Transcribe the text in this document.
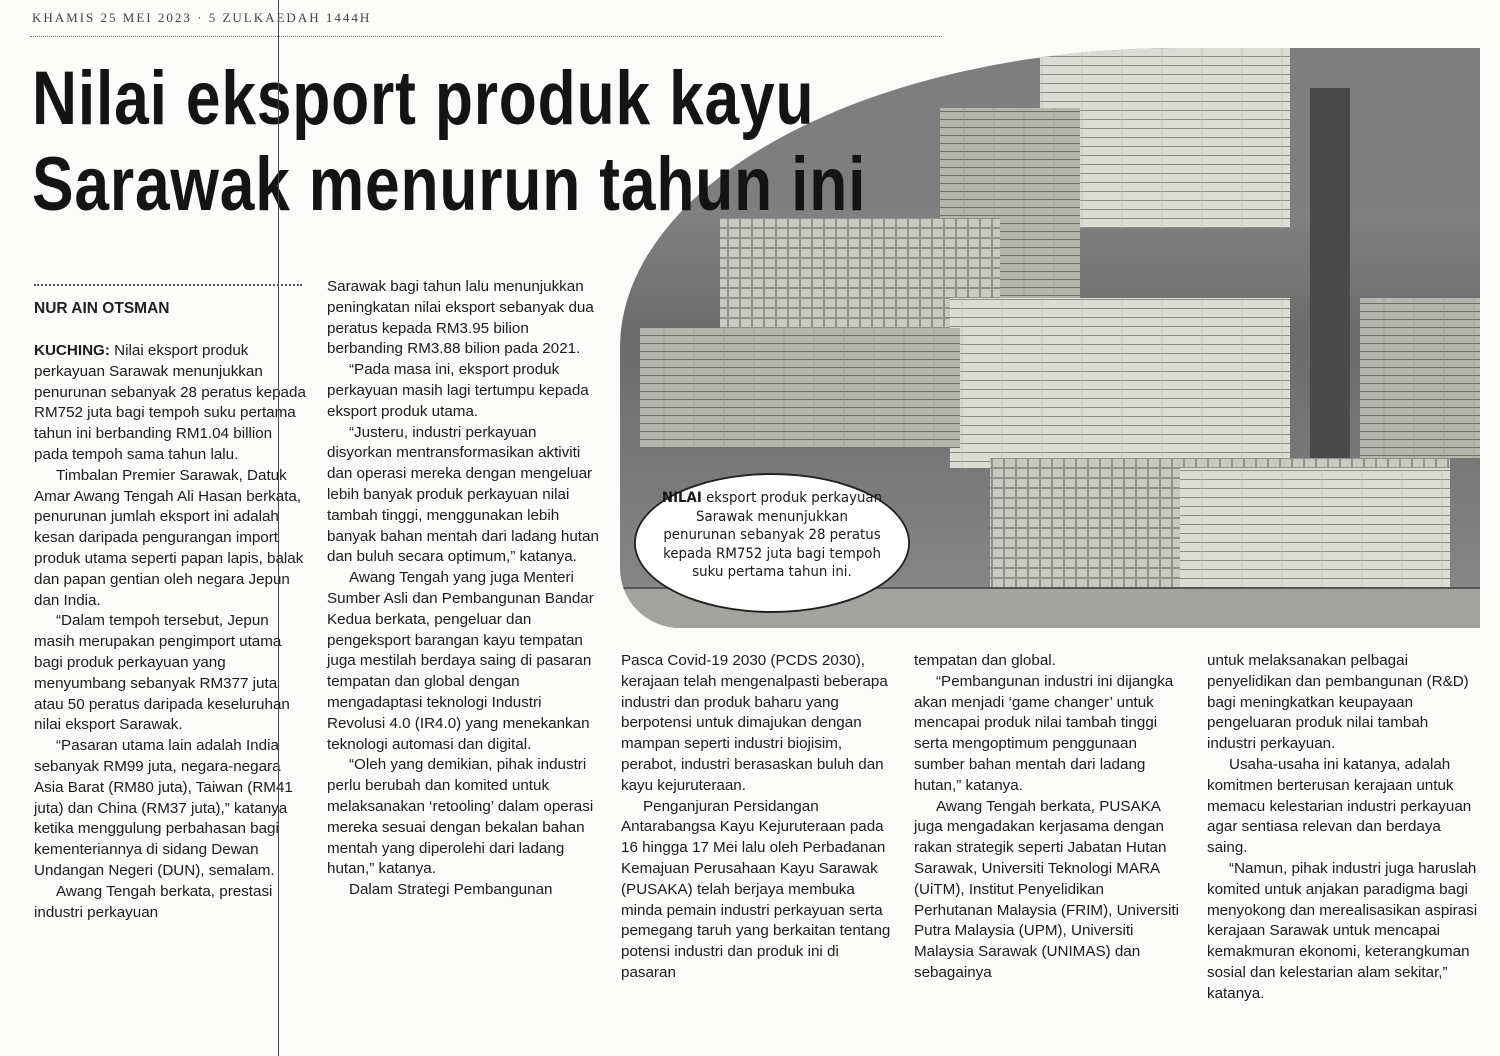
KHAMIS 25 MEI 2023 · 5 ZULKAEDAH 1444H
Nilai eksport produk kayu
Sarawak menurun tahun ini
NILAI eksport produk perkayuan Sarawak menunjukkan penurunan sebanyak 28 peratus kepada RM752 juta bagi tempoh suku pertama tahun ini.
NUR AIN OTSMAN

KUCHING: Nilai eksport produk perkayuan Sarawak menunjukkan penurunan sebanyak 28 peratus kepada RM752 juta bagi tempoh suku pertama tahun ini berbanding RM1.04 billion pada tempoh sama tahun lalu.

Timbalan Premier Sarawak, Datuk Amar Awang Tengah Ali Hasan berkata, penurunan jumlah eksport ini adalah kesan daripada pengurangan import produk utama seperti papan lapis, balak dan papan gentian oleh negara Jepun dan India.

“Dalam tempoh tersebut, Jepun masih merupakan pengimport utama bagi produk perkayuan yang menyumbang sebanyak RM377 juta atau 50 peratus daripada keseluruhan nilai eksport Sarawak.

“Pasaran utama lain adalah India sebanyak RM99 juta, negara-negara Asia Barat (RM80 juta), Taiwan (RM41 juta) dan China (RM37 juta),” katanya ketika menggulung perbahasan bagi kementeriannya di sidang Dewan Undangan Negeri (DUN), semalam.

Awang Tengah berkata, prestasi industri perkayuan

Sarawak bagi tahun lalu menunjukkan peningkatan nilai eksport sebanyak dua peratus kepada RM3.95 bilion berbanding RM3.88 bilion pada 2021.

“Pada masa ini, eksport produk perkayuan masih lagi tertumpu kepada eksport produk utama.

“Justeru, industri perkayuan disyorkan mentransformasikan aktiviti dan operasi mereka dengan mengeluar lebih banyak produk perkayuan nilai tambah tinggi, menggunakan lebih banyak bahan mentah dari ladang hutan dan buluh secara optimum,” katanya.

Awang Tengah yang juga Menteri Sumber Asli dan Pembangunan Bandar Kedua berkata, pengeluar dan pengeksport barangan kayu tempatan juga mestilah berdaya saing di pasaran tempatan dan global dengan mengadaptasi teknologi Industri Revolusi 4.0 (IR4.0) yang menekankan teknologi automasi dan digital.

“Oleh yang demikian, pihak industri perlu berubah dan komited untuk melaksanakan ‘retooling’ dalam operasi mereka sesuai dengan bekalan bahan mentah yang diperolehi dari ladang hutan,” katanya.

Dalam Strategi Pembangunan

Pasca Covid-19 2030 (PCDS 2030), kerajaan telah mengenalpasti beberapa industri dan produk baharu yang berpotensi untuk dimajukan dengan mampan seperti industri biojisim, perabot, industri berasaskan buluh dan kayu kejuruteraan.

Penganjuran Persidangan Antarabangsa Kayu Kejuruteraan pada 16 hingga 17 Mei lalu oleh Perbadanan Kemajuan Perusahaan Kayu Sarawak (PUSAKA) telah berjaya membuka minda pemain industri perkayuan serta pemegang taruh yang berkaitan tentang potensi industri dan produk ini di pasaran

tempatan dan global.

“Pembangunan industri ini dijangka akan menjadi ‘game changer’ untuk mencapai produk nilai tambah tinggi serta mengoptimum penggunaan sumber bahan mentah dari ladang hutan,” katanya.

Awang Tengah berkata, PUSAKA juga mengadakan kerjasama dengan rakan strategik seperti Jabatan Hutan Sarawak, Universiti Teknologi MARA (UiTM), Institut Penyelidikan Perhutanan Malaysia (FRIM), Universiti Putra Malaysia (UPM), Universiti Malaysia Sarawak (UNIMAS) dan sebagainya

untuk melaksanakan pelbagai penyelidikan dan pembangunan (R&D) bagi meningkatkan keupayaan pengeluaran produk nilai tambah industri perkayuan.

Usaha-usaha ini katanya, adalah komitmen berterusan kerajaan untuk memacu kelestarian industri perkayuan agar sentiasa relevan dan berdaya saing.

“Namun, pihak industri juga haruslah komited untuk anjakan paradigma bagi menyokong dan merealisasikan aspirasi kerajaan Sarawak untuk mencapai kemakmuran ekonomi, keterangkuman sosial dan kelestarian alam sekitar,” katanya.
